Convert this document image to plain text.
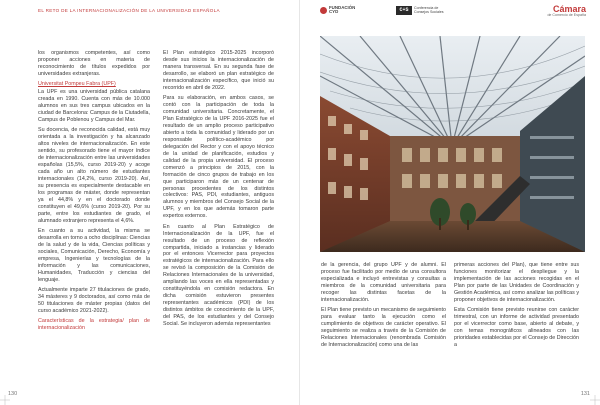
EL RETO DE LA INTERNACIONALIZACIÓN DE LA UNIVERSIDAD ESPAÑOLA

los organismos competentes, así como proponer acciones en materia de reconocimiento de títulos expedidos por universidades extranjeras.

Universitat Pompeu Fabra (UPF)

La UPF es una universidad pública catalana creada en 1990. Cuenta con más de 10.000 alumnos en sus tres campus ubicados en la ciudad de Barcelona: Campus de la Ciutadella, Campus de Poblenou y Campus del Mar.

Su docencia, de reconocida calidad, está muy orientada a la investigación y ha alcanzado altos niveles de internacionalización. En este sentido, su profesorado tiene el mayor índice de internacionalización entre las universidades españolas (15,5%, curso 2019-20) y acoge cada año un alto número de estudiantes internacionales (14,2%, curso 2019-20). Así, su presencia es especialmente destacable en los programas de máster, donde representan ya el 44,8% y en el doctorado donde constituyen el 49,6% (curso 2019-20). Por su parte, entre los estudiantes de grado, el alumnado extranjero representa el 4,6%.

En cuanto a su actividad, la misma se desarrolla en torno a ocho disciplinas: Ciencias de la salud y de la vida, Ciencias políticas y sociales, Comunicación, Derecho, Economía y empresa, Ingenierías y tecnologías de la información y las comunicaciones, Humanidades, Traducción y ciencias del lenguaje.

Actualmente imparte 27 titulaciones de grado, 34 másteres y 9 doctorados, así como más de 50 titulaciones de máster propias (datos del curso académico 2021-2022).

Características de la estrategia/ plan de internacionalización

El Plan estratégico 2015-2025 incorporó desde sus inicios la internacionalización de manera transversal. En su segunda fase de desarrollo, se elaboró un plan estratégico de internacionalización específico, que inició su recorrido en abril de 2022.

Para su elaboración, en ambos casos, se contó con la participación de toda la comunidad universitaria. Concretamente, el Plan Estratégico de la UPF 2016-2025 fue el resultado de un amplio proceso participativo abierto a toda la comunidad y liderado por un responsable político-académico por delegación del Rector y con el apoyo técnico de la unidad de planificación, estudios y calidad de la propia universidad. El proceso comenzó a principios de 2015, con la formación de cinco grupos de trabajo en los que participaron más de un centenar de personas procedentes de los distintos colectivos: PAS, PDI, estudiantes, antiguos alumnos y miembros del Consejo Social de la UPF, y en los que además tomaron parte expertos externos.

En cuanto al Plan Estratégico de Internacionalización de la UPF, fue el resultado de un proceso de reflexión compartida, iniciado a instancias y liderado por el entonces Vicerrector para proyectos estratégicos de internacionalización. Para ello se revisó la composición de la Comisión de Relaciones Internacionales de la universidad, ampliando las voces en ella representadas y constituyéndola en comisión redactora. En dicha comisión estuvieron presentes representantes académicos (PDI) de los distintos ámbitos de conocimiento de la UPF, del PAS, de los estudiantes y del Consejo Social. Se incluyeron además representantes

130
FUNDACIÓN
CYD	C+S	Conferencia de
Consejos Sociales	Cámara
de Comercio de España

de la gerencia, del grupo UPF y de alumni. El proceso fue facilitado por medio de una consultora especializada e incluyó entrevistas y consultas a miembros de la comunidad universitaria para recoger las distintas facetas de la internacionalización.

El Plan tiene previsto un mecanismo de seguimiento para evaluar tanto la ejecución como el cumplimiento de objetivos de carácter operativo. El seguimiento se realiza a través de la Comisión de Relaciones Internacionales (renombrada Comisión de Internacionalización) como una de las

primeras acciones del Plan), que tiene entre sus funciones monitorizar el despliegue y la implementación de las acciones recogidas en el Plan por parte de las Unidades de Coordinación y Gestión Académica, así como analizar las políticas y proponer objetivos de internacionalización.

Esta Comisión tiene previsto reunirse con carácter trimestral, con un informe de actividad presentado por el vicerrector como base, abierto al debate, y con temas monográficos alineados con las prioridades establecidas por el Consejo de Dirección a

131
